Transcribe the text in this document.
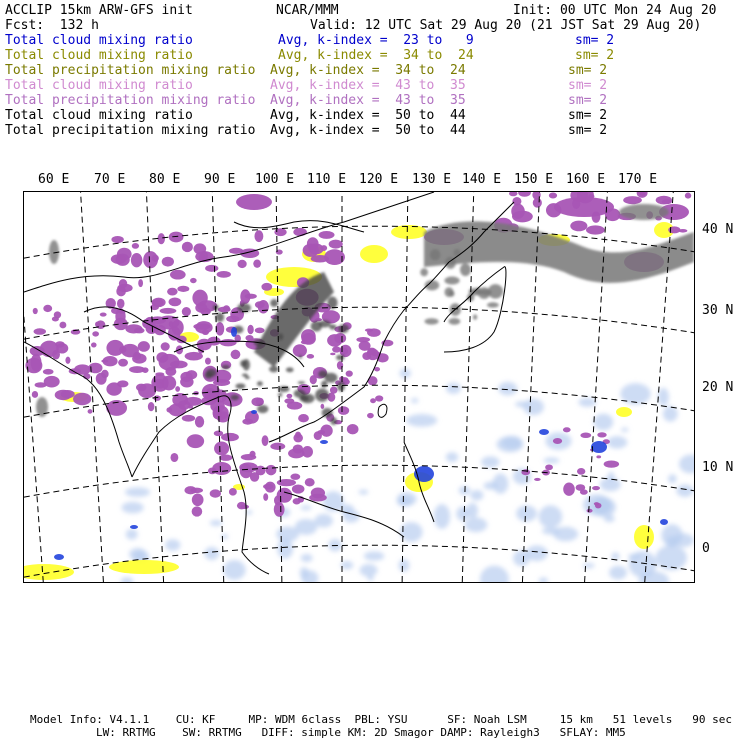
ACCLIP 15km ARW-GFS init	NCAR/MMM	Init: 00 UTC Mon 24 Aug 20
Fcst:  132 h	Valid: 12 UTC Sat 29 Aug 20 (21 JST Sat 29 Aug 20)
Total cloud mixing ratio	Avg, k-index =  23 to   9	sm= 2
Total cloud mixing ratio	Avg, k-index =  34 to  24	sm= 2
Total precipitation mixing ratio Avg, k-index =  34 to  24	sm= 2
Total cloud mixing ratio	Avg, k-index =  43 to  35	sm= 2
Total precipitation mixing ratio Avg, k-index =  43 to  35	sm= 2
Total cloud mixing ratio	Avg, k-index =  50 to  44	sm= 2
Total precipitation mixing ratio Avg, k-index =  50 to  44	sm= 2
60 E 70 E 80 E 90 E 100 E 110 E 120 E 130 E 140 E 150 E 160 E 170 E
40 N
30 N
20 N
10 N
0
Model Info: V4.1.1    CU: KF     MP: WDM 6class  PBL: YSU      SF: Noah LSM     15 km   51 levels   90 sec
LW: RRTMG    SW: RRTMG   DIFF: simple KM: 2D Smagor DAMP: Rayleigh3   SFLAY: MM5
